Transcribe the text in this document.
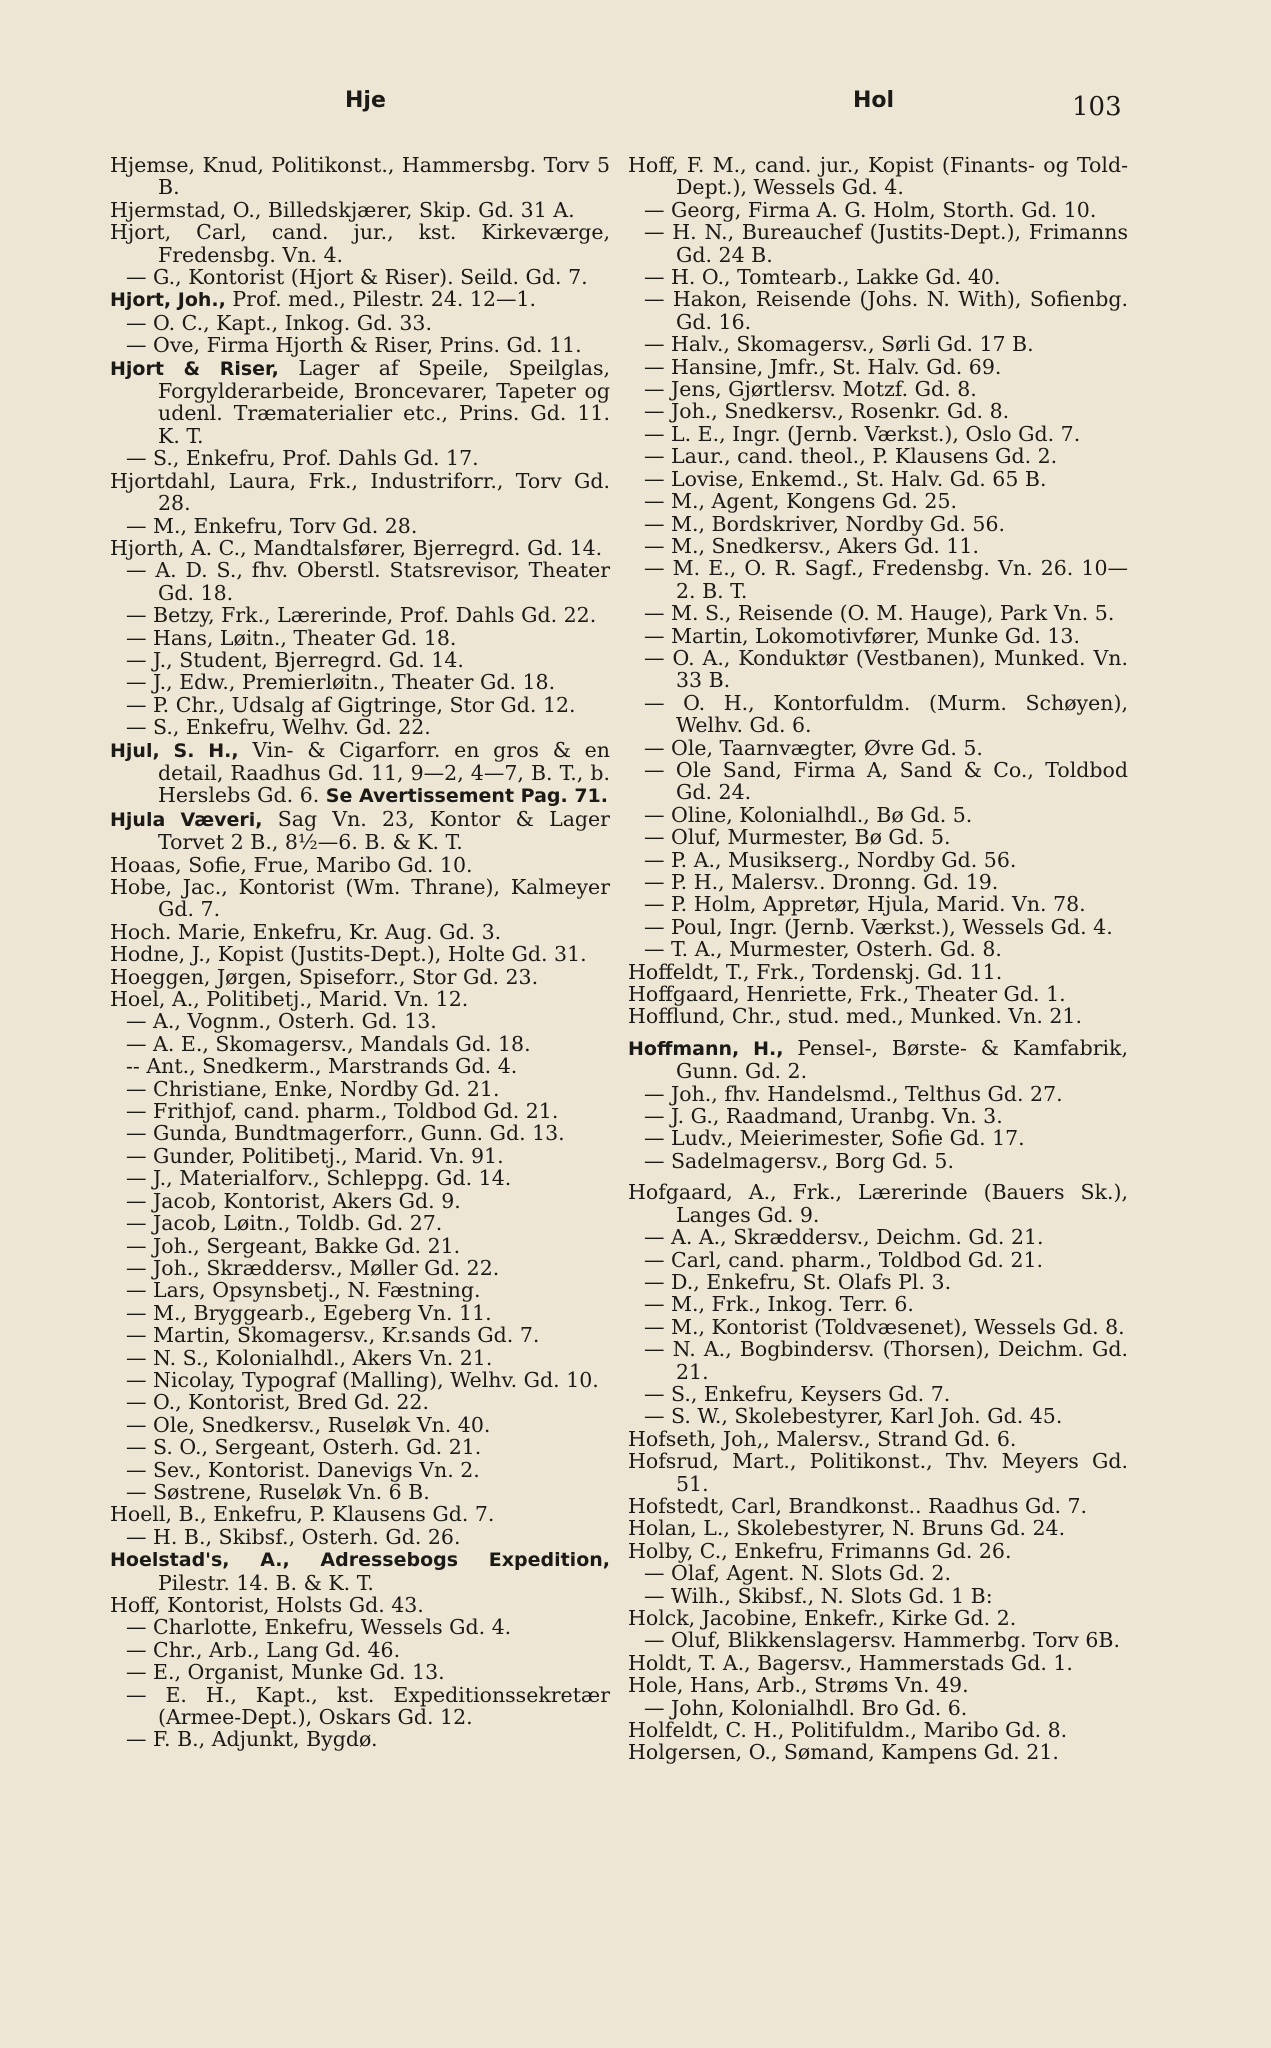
Hje	Hol	103
Hjemse, Knud, Politikonst., Hammersbg. Torv 5 B.
Hjermstad, O., Billedskjærer, Skip. Gd. 31 A.
Hjort, Carl, cand. jur., kst. Kirkeværge, Fredensbg. Vn. 4.
— G., Kontorist (Hjort & Riser). Seild. Gd. 7.
Hjort, Joh., Prof. med., Pilestr. 24. 12—1.
— O. C., Kapt., Inkog. Gd. 33.
— Ove, Firma Hjorth & Riser, Prins. Gd. 11.
Hjort & Riser, Lager af Speile, Speilglas, Forgylderarbeide, Broncevarer, Tapeter og udenl. Træmaterialier etc., Prins. Gd. 11. K. T.
— S., Enkefru, Prof. Dahls Gd. 17.
Hjortdahl, Laura, Frk., Industriforr., Torv Gd. 28.
— M., Enkefru, Torv Gd. 28.
Hjorth, A. C., Mandtalsfører, Bjerregrd. Gd. 14.
— A. D. S., fhv. Oberstl. Statsrevisor, Theater Gd. 18.
— Betzy, Frk., Lærerinde, Prof. Dahls Gd. 22.
— Hans, Løitn., Theater Gd. 18.
— J., Student, Bjerregrd. Gd. 14.
— J., Edw., Premierløitn., Theater Gd. 18.
— P. Chr., Udsalg af Gigtringe, Stor Gd. 12.
— S., Enkefru, Welhv. Gd. 22.
Hjul, S. H., Vin- & Cigarforr. en gros & en detail, Raadhus Gd. 11, 9—2, 4—7, B. T., b. Herslebs Gd. 6. Se Avertissement Pag. 71.
Hjula Væveri, Sag Vn. 23, Kontor & Lager Torvet 2 B., 8½—6. B. & K. T.
Hoaas, Sofie, Frue, Maribo Gd. 10.
Hobe, Jac., Kontorist (Wm. Thrane), Kalmeyer Gd. 7.
Hoch. Marie, Enkefru, Kr. Aug. Gd. 3.
Hodne, J., Kopist (Justits-Dept.), Holte Gd. 31.
Hoeggen, Jørgen, Spiseforr., Stor Gd. 23.
Hoel, A., Politibetj., Marid. Vn. 12.
— A., Vognm., Osterh. Gd. 13.
— A. E., Skomagersv., Mandals Gd. 18.
-- Ant., Snedkerm., Marstrands Gd. 4.
— Christiane, Enke, Nordby Gd. 21.
— Frithjof, cand. pharm., Toldbod Gd. 21.
— Gunda, Bundtmagerforr., Gunn. Gd. 13.
— Gunder, Politibetj., Marid. Vn. 91.
— J., Materialforv., Schleppg. Gd. 14.
— Jacob, Kontorist, Akers Gd. 9.
— Jacob, Løitn., Toldb. Gd. 27.
— Joh., Sergeant, Bakke Gd. 21.
— Joh., Skræddersv., Møller Gd. 22.
— Lars, Opsynsbetj., N. Fæstning.
— M., Bryggearb., Egeberg Vn. 11.
— Martin, Skomagersv., Kr.sands Gd. 7.
— N. S., Kolonialhdl., Akers Vn. 21.
— Nicolay, Typograf (Malling), Welhv. Gd. 10.
— O., Kontorist, Bred Gd. 22.
— Ole, Snedkersv., Ruseløk Vn. 40.
— S. O., Sergeant, Osterh. Gd. 21.
— Sev., Kontorist. Danevigs Vn. 2.
— Søstrene, Ruseløk Vn. 6 B.
Hoell, B., Enkefru, P. Klausens Gd. 7.
— H. B., Skibsf., Osterh. Gd. 26.
Hoelstad's, A., Adressebogs Expedition, Pilestr. 14. B. & K. T.
Hoff, Kontorist, Holsts Gd. 43.
— Charlotte, Enkefru, Wessels Gd. 4.
— Chr., Arb., Lang Gd. 46.
— E., Organist, Munke Gd. 13.
— E. H., Kapt., kst. Expeditionssekretær (Armee-Dept.), Oskars Gd. 12.
— F. B., Adjunkt, Bygdø.
Hoff, F. M., cand. jur., Kopist (Finants- og Told-Dept.), Wessels Gd. 4.
— Georg, Firma A. G. Holm, Storth. Gd. 10.
— H. N., Bureauchef (Justits-Dept.), Frimanns Gd. 24 B.
— H. O., Tomtearb., Lakke Gd. 40.
— Hakon, Reisende (Johs. N. With), Sofienbg. Gd. 16.
— Halv., Skomagersv., Sørli Gd. 17 B.
— Hansine, Jmfr., St. Halv. Gd. 69.
— Jens, Gjørtlersv. Motzf. Gd. 8.
— Joh., Snedkersv., Rosenkr. Gd. 8.
— L. E., Ingr. (Jernb. Værkst.), Oslo Gd. 7.
— Laur., cand. theol., P. Klausens Gd. 2.
— Lovise, Enkemd., St. Halv. Gd. 65 B.
— M., Agent, Kongens Gd. 25.
— M., Bordskriver, Nordby Gd. 56.
— M., Snedkersv., Akers Gd. 11.
— M. E., O. R. Sagf., Fredensbg. Vn. 26. 10—2. B. T.
— M. S., Reisende (O. M. Hauge), Park Vn. 5.
— Martin, Lokomotivfører, Munke Gd. 13.
— O. A., Konduktør (Vestbanen), Munked. Vn. 33 B.
— O. H., Kontorfuldm. (Murm. Schøyen), Welhv. Gd. 6.
— Ole, Taarnvægter, Øvre Gd. 5.
— Ole Sand, Firma A, Sand & Co., Toldbod Gd. 24.
— Oline, Kolonialhdl., Bø Gd. 5.
— Oluf, Murmester, Bø Gd. 5.
— P. A., Musikserg., Nordby Gd. 56.
— P. H., Malersv.. Dronng. Gd. 19.
— P. Holm, Appretør, Hjula, Marid. Vn. 78.
— Poul, Ingr. (Jernb. Værkst.), Wessels Gd. 4.
— T. A., Murmester, Osterh. Gd. 8.
Hoffeldt, T., Frk., Tordenskj. Gd. 11.
Hoffgaard, Henriette, Frk., Theater Gd. 1.
Hofflund, Chr., stud. med., Munked. Vn. 21.
Hoffmann, H., Pensel-, Børste- & Kamfabrik, Gunn. Gd. 2.
— Joh., fhv. Handelsmd., Telthus Gd. 27.
— J. G., Raadmand, Uranbg. Vn. 3.
— Ludv., Meierimester, Sofie Gd. 17.
— Sadelmagersv., Borg Gd. 5.
Hofgaard, A., Frk., Lærerinde (Bauers Sk.), Langes Gd. 9.
— A. A., Skræddersv., Deichm. Gd. 21.
— Carl, cand. pharm., Toldbod Gd. 21.
— D., Enkefru, St. Olafs Pl. 3.
— M., Frk., Inkog. Terr. 6.
— M., Kontorist (Toldvæsenet), Wessels Gd. 8.
— N. A., Bogbindersv. (Thorsen), Deichm. Gd. 21.
— S., Enkefru, Keysers Gd. 7.
— S. W., Skolebestyrer, Karl Joh. Gd. 45.
Hofseth, Joh,, Malersv., Strand Gd. 6.
Hofsrud, Mart., Politikonst., Thv. Meyers Gd. 51.
Hofstedt, Carl, Brandkonst.. Raadhus Gd. 7.
Holan, L., Skolebestyrer, N. Bruns Gd. 24.
Holby, C., Enkefru, Frimanns Gd. 26.
— Olaf, Agent. N. Slots Gd. 2.
— Wilh., Skibsf., N. Slots Gd. 1 B:
Holck, Jacobine, Enkefr., Kirke Gd. 2.
— Oluf, Blikkenslagersv. Hammerbg. Torv 6B.
Holdt, T. A., Bagersv., Hammerstads Gd. 1.
Hole, Hans, Arb., Strøms Vn. 49.
— John, Kolonialhdl. Bro Gd. 6.
Holfeldt, C. H., Politifuldm., Maribo Gd. 8.
Holgersen, O., Sømand, Kampens Gd. 21.
